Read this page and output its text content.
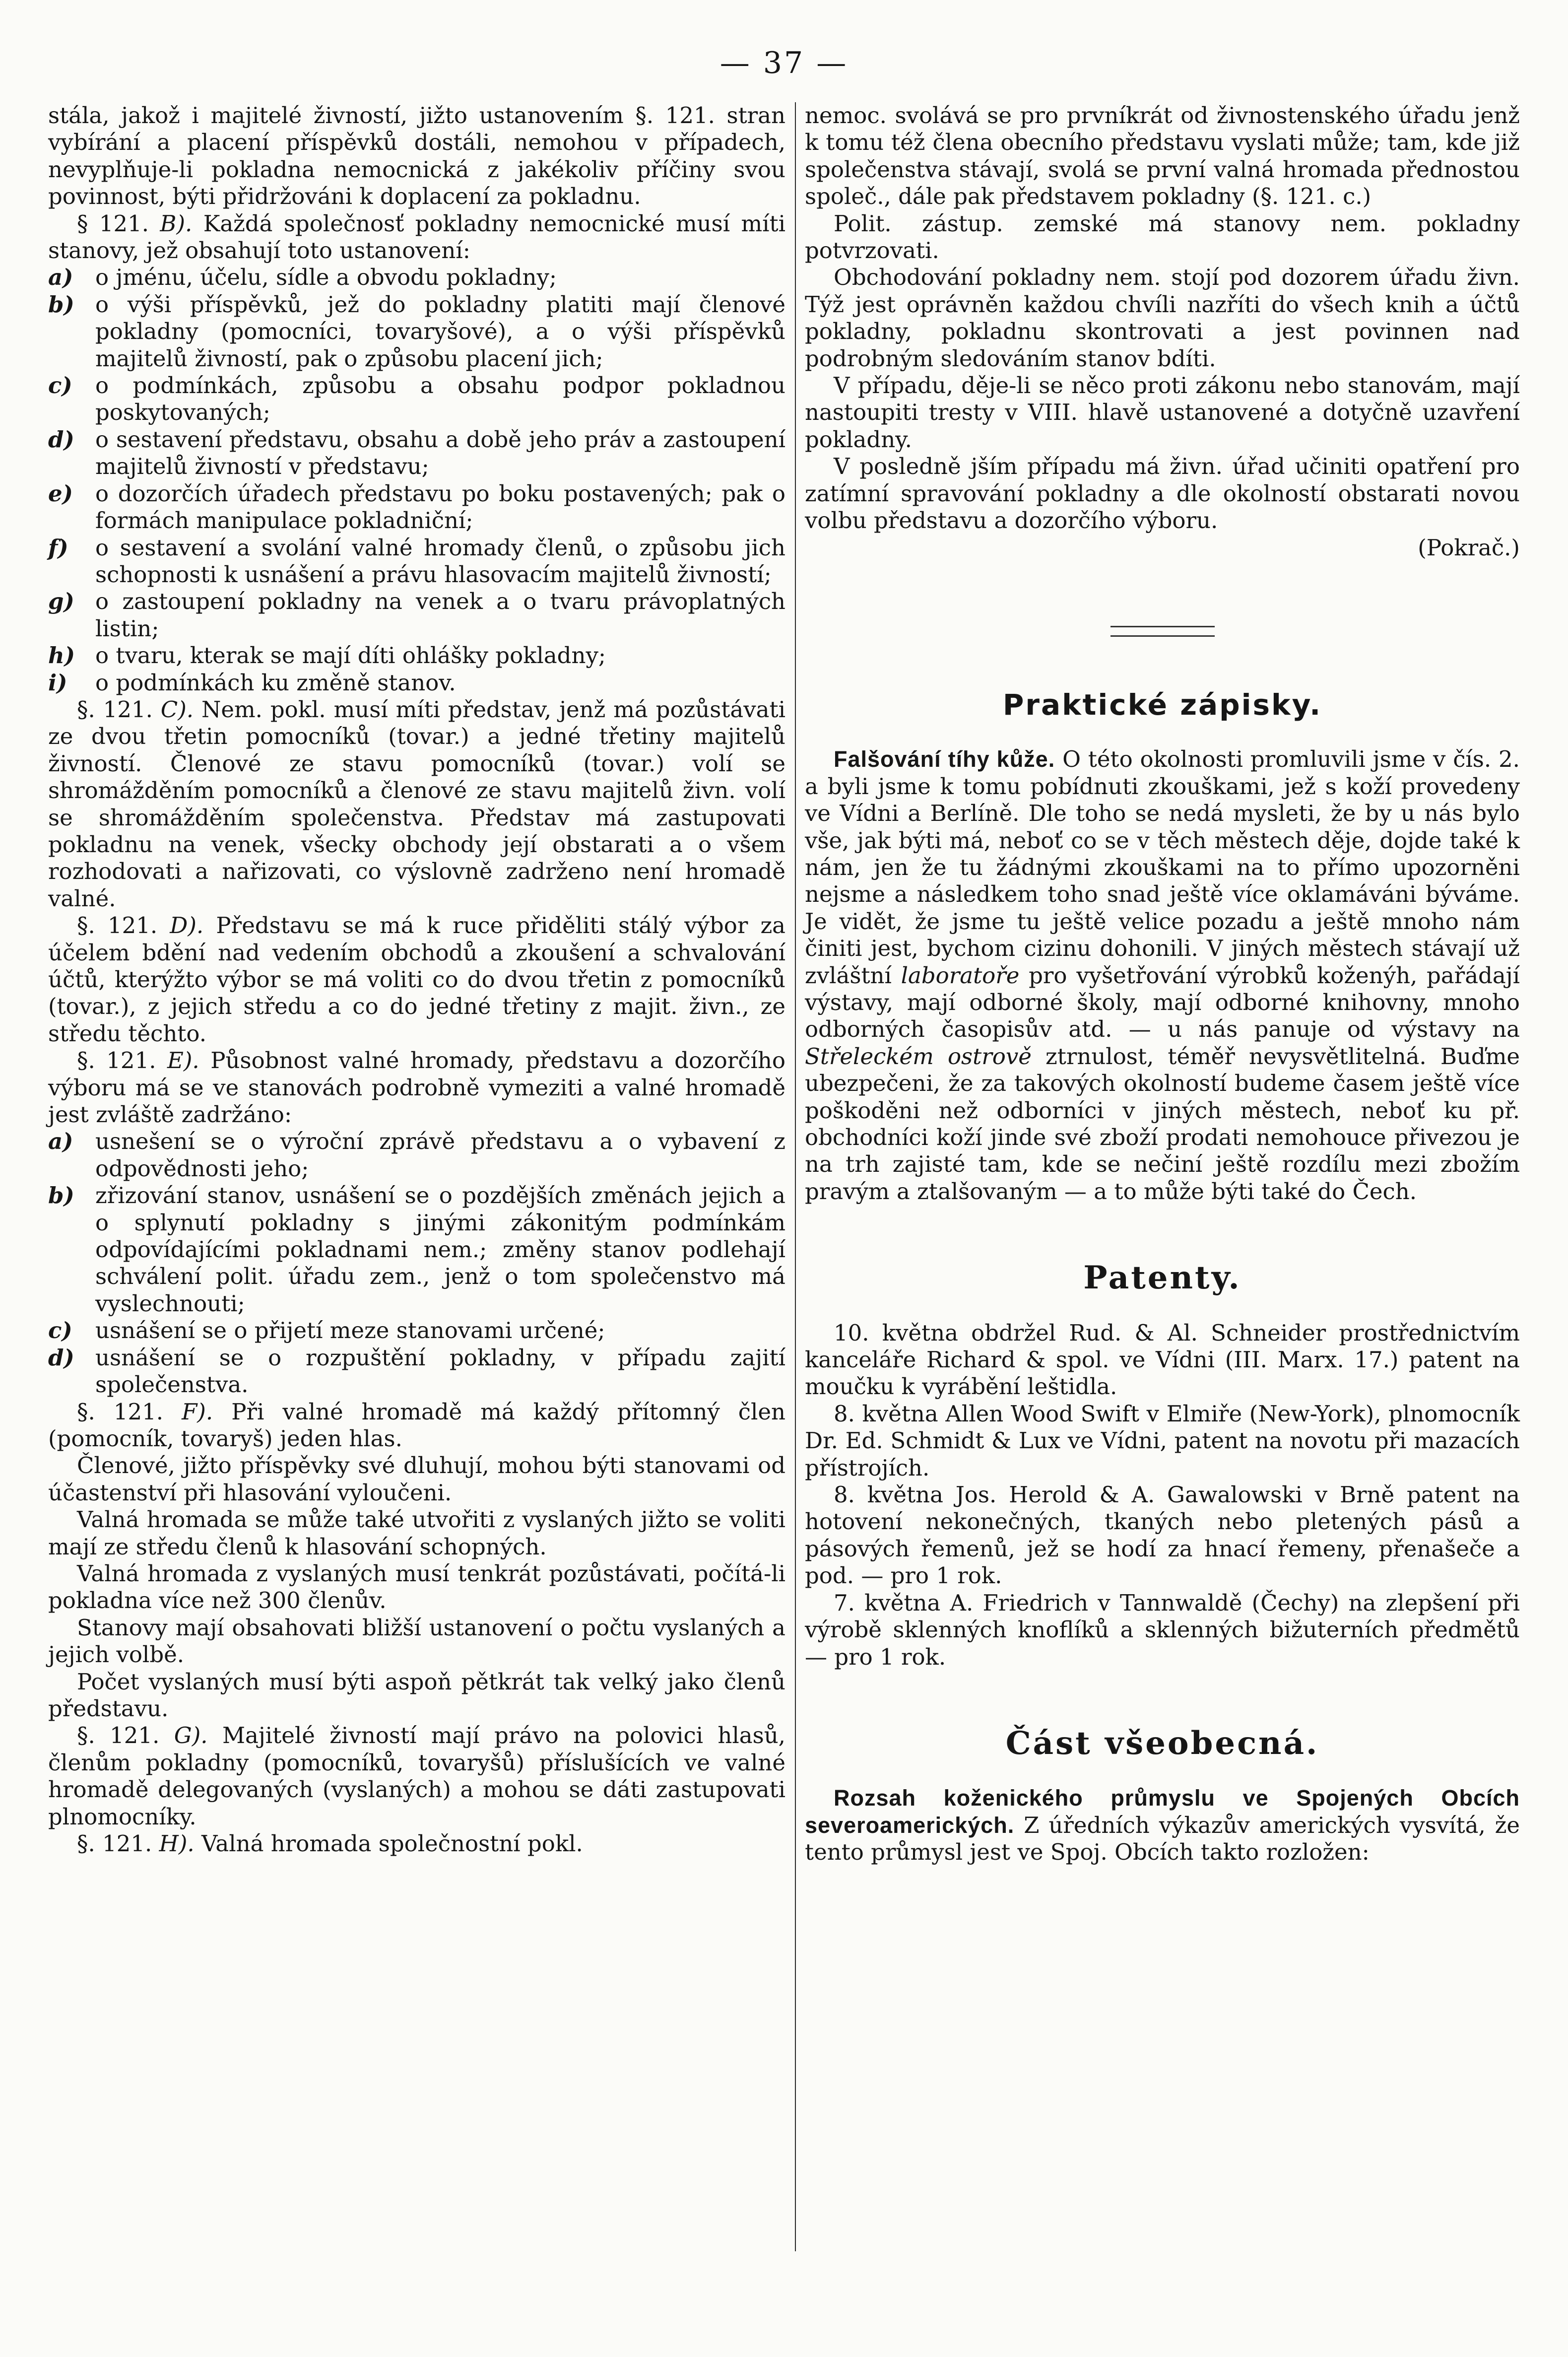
— 37 —

stála, jakož i majitelé živností, jižto ustanovením §. 121. stran vybírání a placení příspěvků dostáli, nemohou v případech, nevyplňuje-li pokladna nemocnická z jakékoliv příčiny svou povinnost, býti přidržováni k doplacení za pokladnu.

§ 121. B). Každá společnosť pokladny nemocnické musí míti stanovy, jež obsahují toto ustanovení:

a) o jménu, účelu, sídle a obvodu pokladny;

b) o výši příspěvků, jež do pokladny platiti mají členové pokladny (pomocníci, tovaryšové), a o výši příspěvků majitelů živností, pak o způsobu placení jich;

c) o podmínkách, způsobu a obsahu podpor pokladnou poskytovaných;

d) o sestavení představu, obsahu a době jeho práv a zastoupení majitelů živností v představu;

e) o dozorčích úřadech představu po boku postavených; pak o formách manipulace pokladniční;

f) o sestavení a svolání valné hromady členů, o způsobu jich schopnosti k usnášení a právu hlasovacím majitelů živností;

g) o zastoupení pokladny na venek a o tvaru právoplatných listin;

h) o tvaru, kterak se mají díti ohlášky pokladny;

i) o podmínkách ku změně stanov.

§. 121. C). Nem. pokl. musí míti představ, jenž má pozůstávati ze dvou třetin pomocníků (tovar.) a jedné třetiny majitelů živností. Členové ze stavu pomocníků (tovar.) volí se shromážděním pomocníků a členové ze stavu majitelů živn. volí se shromážděním společenstva. Představ má zastupovati pokladnu na venek, všecky obchody její obstarati a o všem rozhodovati a nařizovati, co výslovně zadrženo není hromadě valné.

§. 121. D). Představu se má k ruce přiděliti stálý výbor za účelem bdění nad vedením obchodů a zkoušení a schvalování účtů, kterýžto výbor se má voliti co do dvou třetin z pomocníků (tovar.), z jejich středu a co do jedné třetiny z majit. živn., ze středu těchto.

§. 121. E). Působnost valné hromady, představu a dozorčího výboru má se ve stanovách podrobně vymeziti a valné hromadě jest zvláště zadržáno:

a) usnešení se o výroční zprávě představu a o vybavení z odpovědnosti jeho;

b) zřizování stanov, usnášení se o pozdějších změnách jejich a o splynutí pokladny s jinými zákonitým podmínkám odpovídajícími pokladnami nem.; změny stanov podlehají schválení polit. úřadu zem., jenž o tom společenstvo má vyslechnouti;

c) usnášení se o přijetí meze stanovami určené;

d) usnášení se o rozpuštění pokladny, v případu zajití společenstva.

§. 121. F). Při valné hromadě má každý přítomný člen (pomocník, tovaryš) jeden hlas.

Členové, jižto příspěvky své dluhují, mohou býti stanovami od účastenství při hlasování vyloučeni.

Valná hromada se může také utvořiti z vyslaných jižto se voliti mají ze středu členů k hlasování schopných.

Valná hromada z vyslaných musí tenkrát pozůstávati, počítá-li pokladna více než 300 členův.

Stanovy mají obsahovati bližší ustanovení o počtu vyslaných a jejich volbě.

Počet vyslaných musí býti aspoň pětkrát tak velký jako členů představu.

§. 121. G). Majitelé živností mají právo na polovici hlasů, členům pokladny (pomocníků, tovaryšů) příslušících ve valné hromadě delegovaných (vyslaných) a mohou se dáti zastupovati plnomocníky.

§. 121. H). Valná hromada společnostní pokl.

nemoc. svolává se pro prvníkrát od živnostenského úřadu jenž k tomu též člena obecního představu vyslati může; tam, kde již společenstva stávají, svolá se první valná hromada přednostou společ., dále pak představem pokladny (§. 121. c.)

Polit. zástup. zemské má stanovy nem. pokladny potvrzovati.

Obchodování pokladny nem. stojí pod dozorem úřadu živn. Týž jest oprávněn každou chvíli nazříti do všech knih a účtů pokladny, pokladnu skontrovati a jest povinnen nad podrobným sledováním stanov bdíti.

V případu, děje-li se něco proti zákonu nebo stanovám, mají nastoupiti tresty v VIII. hlavě ustanovené a dotyčně uzavření pokladny.

V posledně jším případu má živn. úřad učiniti opatření pro zatímní spravování pokladny a dle okolností obstarati novou volbu představu a dozorčího výboru.

(Pokrač.)

Praktické zápisky.

Falšování tíhy kůže. O této okolnosti promluvili jsme v čís. 2. a byli jsme k tomu pobídnuti zkouškami, jež s koží provedeny ve Vídni a Berlíně. Dle toho se nedá mysleti, že by u nás bylo vše, jak býti má, neboť co se v těch městech děje, dojde také k nám, jen že tu žádnými zkouškami na to přímo upozorněni nejsme a následkem toho snad ještě více oklamáváni býváme. Je vidět, že jsme tu ještě velice pozadu a ještě mnoho nám činiti jest, bychom cizinu dohonili. V jiných městech stávají už zvláštní laboratoře pro vyšetřování výrobků koženýh, pařádají výstavy, mají odborné školy, mají odborné knihovny, mnoho odborných časopisův atd. — u nás panuje od výstavy na Střeleckém ostrově ztrnulost, téměř nevysvětlitelná. Buďme ubezpečeni, že za takových okolností budeme časem ještě více poškoděni než odborníci v jiných městech, neboť ku př. obchodníci koží jinde své zboží prodati nemohouce přivezou je na trh zajisté tam, kde se nečiní ještě rozdílu mezi zbožím pravým a ztalšovaným — a to může býti také do Čech.

Patenty.

10. května obdržel Rud. & Al. Schneider prostřednictvím kanceláře Richard & spol. ve Vídni (III. Marx. 17.) patent na moučku k vyrábění leštidla.

8. května Allen Wood Swift v Elmiře (New-York), plnomocník Dr. Ed. Schmidt & Lux ve Vídni, patent na novotu při mazacích přístrojích.

8. května Jos. Herold & A. Gawalowski v Brně patent na hotovení nekonečných, tkaných nebo pletených pásů a pásových řemenů, jež se hodí za hnací řemeny, přenašeče a pod. — pro 1 rok.

7. května A. Friedrich v Tannwaldě (Čechy) na zlepšení při výrobě sklenných knoflíků a sklenných bižuterních předmětů — pro 1 rok.

Část všeobecná.

Rozsah koženického průmyslu ve Spojených Obcích severoamerických. Z úředních výkazův amerických vysvítá, že tento průmysl jest ve Spoj. Obcích takto rozložen:
